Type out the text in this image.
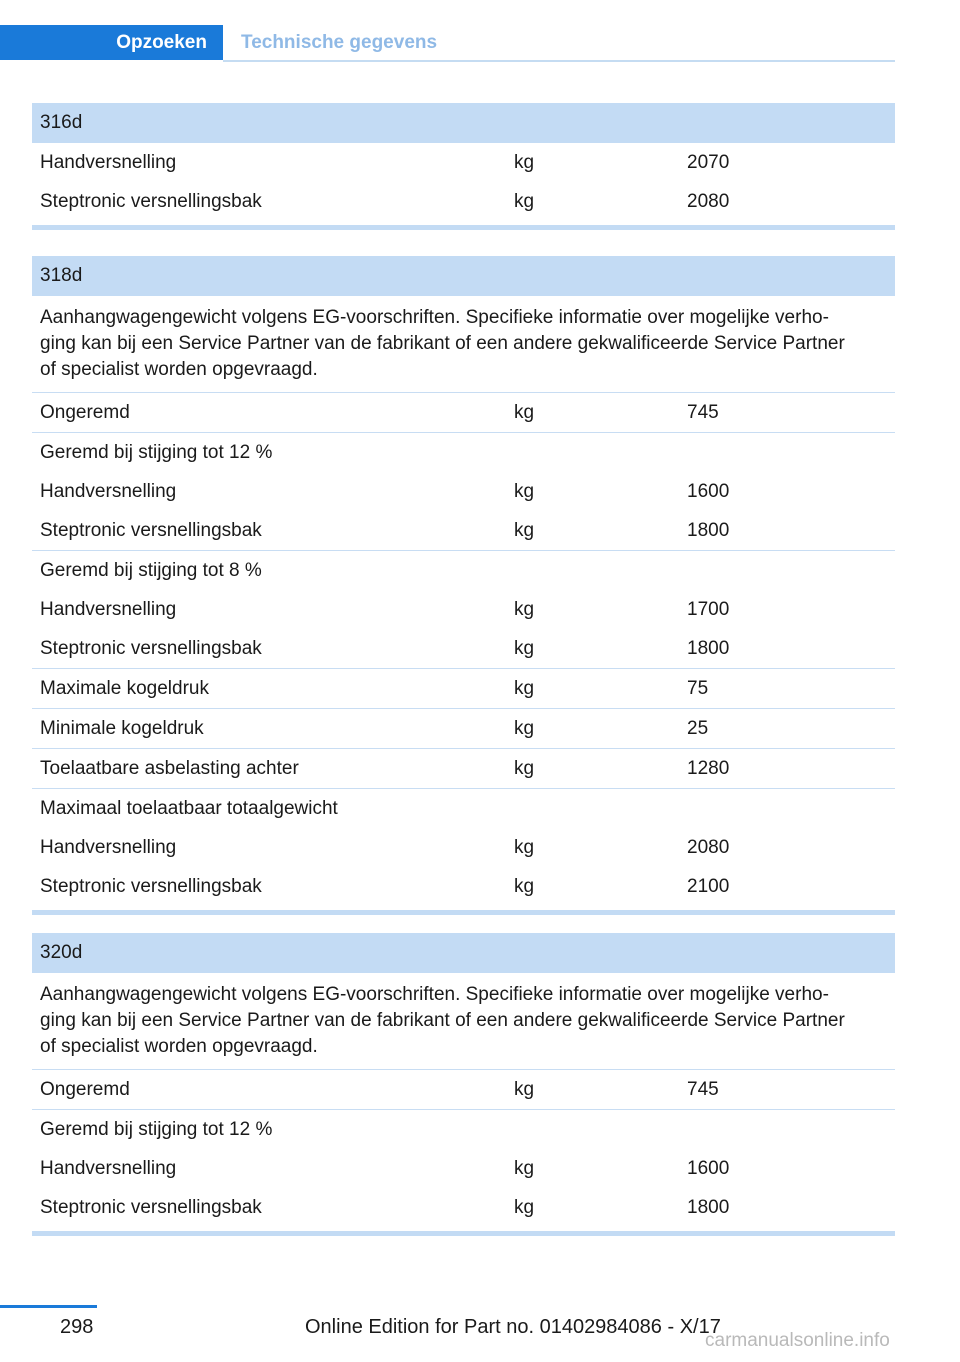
Opzoeken	Technische gegevens
316d
Handversnelling	kg	2070
Steptronic versnellingsbak	kg	2080
318d
Aanhangwagengewicht volgens EG-voorschriften. Specifieke informatie over mogelijke verho-
ging kan bij een Service Partner van de fabrikant of een andere gekwalificeerde Service Partner
of specialist worden opgevraagd.
Ongeremd	kg	745
Geremd bij stijging tot 12 %
Handversnelling	kg	1600
Steptronic versnellingsbak	kg	1800
Geremd bij stijging tot 8 %
Handversnelling	kg	1700
Steptronic versnellingsbak	kg	1800
Maximale kogeldruk	kg	75
Minimale kogeldruk	kg	25
Toelaatbare asbelasting achter	kg	1280
Maximaal toelaatbaar totaalgewicht
Handversnelling	kg	2080
Steptronic versnellingsbak	kg	2100
320d
Aanhangwagengewicht volgens EG-voorschriften. Specifieke informatie over mogelijke verho-
ging kan bij een Service Partner van de fabrikant of een andere gekwalificeerde Service Partner
of specialist worden opgevraagd.
Ongeremd	kg	745
Geremd bij stijging tot 12 %
Handversnelling	kg	1600
Steptronic versnellingsbak	kg	1800
298	Online Edition for Part no. 01402984086 - X/17
carmanualsonline.info
